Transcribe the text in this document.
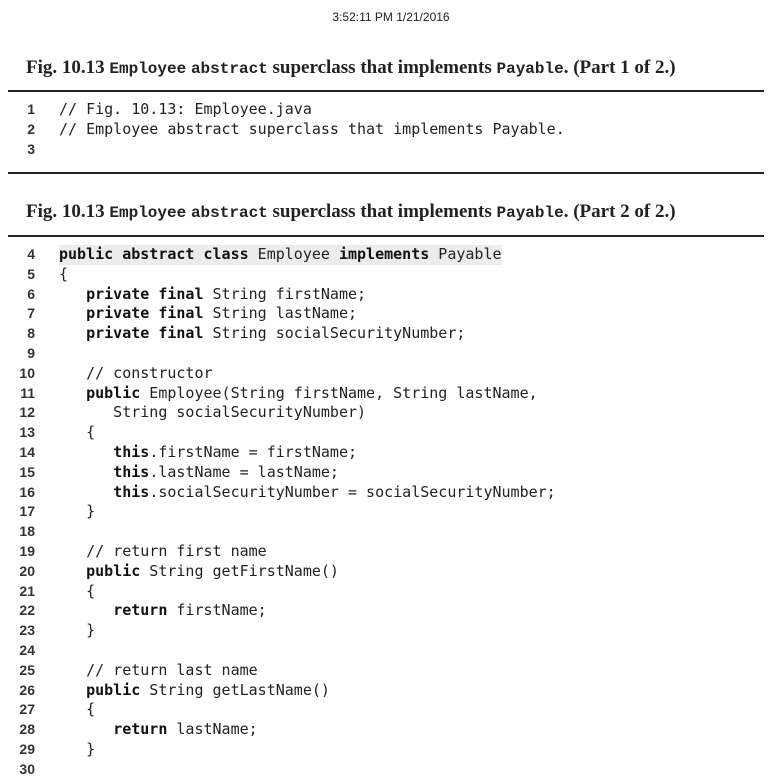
3:52:11 PM 1/21/2016
Fig. 10.13 Employee abstract superclass that implements Payable. (Part 1 of 2.)
1 // Fig. 10.13: Employee.java
2 // Employee abstract superclass that implements Payable.
3
Fig. 10.13 Employee abstract superclass that implements Payable. (Part 2 of 2.)
4 public abstract class Employee implements Payable
5 {
6	private final String firstName;
7	private final String lastName;
8	private final String socialSecurityNumber;
9
10 // constructor
11	public Employee(String firstName, String lastName,
12 String socialSecurityNumber)
13 {
14	this.firstName = firstName;
15	this.lastName = lastName;
16	this.socialSecurityNumber = socialSecurityNumber;
17 }
18
19 // return first name
20	public String getFirstName()
21 {
22	return firstName;
23 }
24
25 // return last name
26	public String getLastName()
27 {
28	return lastName;
29 }
30
